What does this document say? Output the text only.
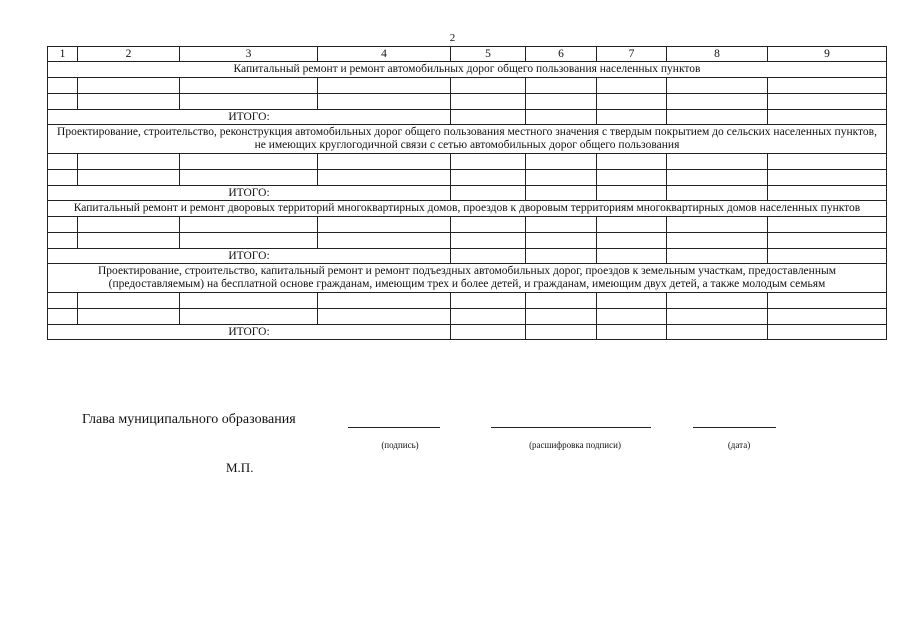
2
1	2	3	4	5	6	7	8	9
Капитальный ремонт и ремонт автомобильных дорог общего пользования населенных пунктов								

ИТОГО:								
Проектирование, строительство, реконструкция автомобильных дорог общего пользования местного значения с твердым покрытием до сельских населенных пунктов, не имеющих круглогодичной связи с сетью автомобильных дорог общего пользования								

ИТОГО:								
Капитальный ремонт и ремонт дворовых территорий многоквартирных домов, проездов к дворовым территориям многоквартирных домов населенных пунктов								

ИТОГО:								
Проектирование, строительство, капитальный ремонт и ремонт подъездных автомобильных дорог, проездов к земельным участкам, предоставленным (предоставляемым) на бесплатной основе гражданам, имеющим трех и более детей, и гражданам, имеющим двух детей, а также молодым семьям								

ИТОГО:								
Глава муниципального образования
(подпись)	(расшифровка подписи)	(дата)
М.П.
